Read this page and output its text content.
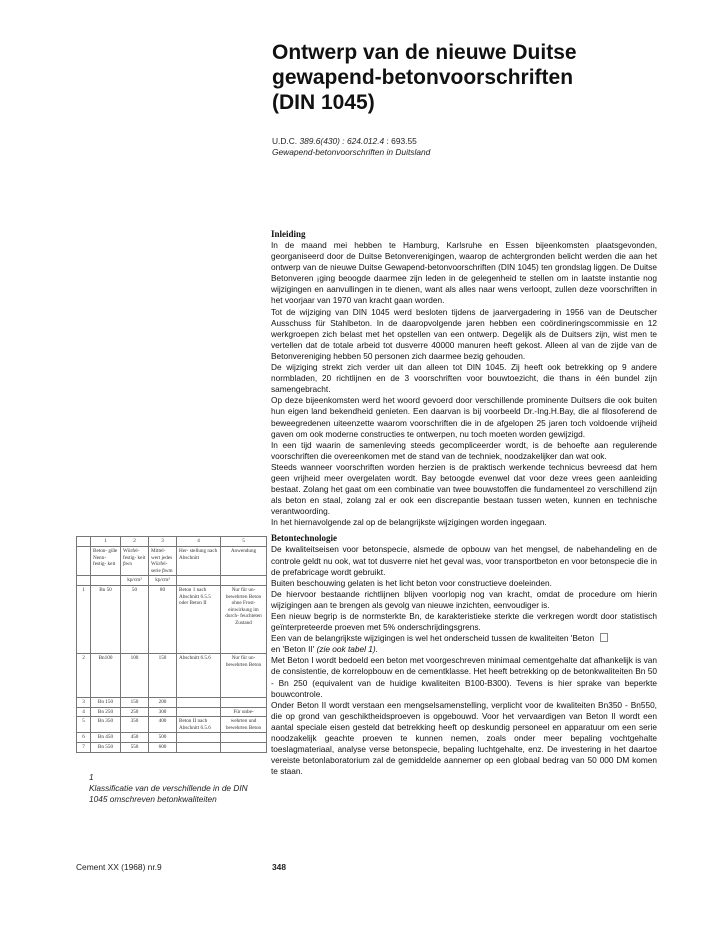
Ontwerp van de nieuwe Duitse
gewapend-betonvoorschriften
(DIN 1045)
U.D.C. 389.6(430) : 624.012.4 : 693.55
Gewapend-betonvoorschriften in Duitsland

Inleiding

In de maand mei hebben te Hamburg, Karlsruhe en Essen bijeenkomsten plaatsgevonden, georganiseerd door de Duitse Betonverenigingen, waarop de achtergronden belicht werden die aan het ontwerp van de nieuwe Duitse Gewapend-betonvoorschriften (DIN 1045) ten grondslag liggen. De Duitse Betonveren ¡ging beoogde daarmee zijn leden in de gelegenheid te stellen om in laatste instantie nog wijzigingen en aanvullingen in te dienen, want als alles naar wens verloopt, zullen deze voorschriften in het voorjaar van 1970 van kracht gaan worden.

Tot de wijziging van DIN 1045 werd besloten tijdens de jaarvergadering in 1956 van de Deutscher Ausschuss für Stahlbeton. In de daaropvolgende jaren hebben een coördineringscommissie en 12 werkgroepen zich belast met het opstellen van een ontwerp. Degelijk als de Duitsers zijn, wist men te vertellen dat de totale arbeid tot dusverre 40000 manuren heeft gekost. Alleen al van de zijde van de Betonvereniging hebben 50 personen zich daarmee bezig gehouden.

De wijziging strekt zich verder uit dan alleen tot DIN 1045. Zij heeft ook betrekking op 9 andere normbladen, 20 richtlijnen en de 3 voorschriften voor bouwtoezicht, die thans in één bundel zijn samengebracht.

Op deze bijeenkomsten werd het woord gevoerd door verschillende prominente Duitsers die ook buiten hun eigen land bekendheid genieten. Een daarvan is bij voorbeeld Dr.-Ing.H.Bay, die al filosoferend de beweegredenen uiteenzette waarom voorschriften die in de afgelopen 25 jaren toch voldoende vrijheid gaven om ook moderne constructies te ontwerpen, nu toch moeten worden gewijzigd.

In een tijd waarin de samenleving steeds gecompliceerder wordt, is de behoefte aan regulerende voorschriften die overeenkomen met de stand van de techniek, noodzakelijker dan wat ook.

Steeds wanneer voorschriften worden herzien is de praktisch werkende technicus bevreesd dat hem geen vrijheid meer overgelaten wordt. Bay betoogde evenwel dat voor deze vrees geen aanleiding bestaat. Zolang het gaat om een combinatie van twee bouwstoffen die fundamenteel zo verschillend zijn als beton en staal, zolang zal er ook een discrepantie bestaan tussen weten, kunnen en technische verantwoording.

In het hiernavolgende zal op de belangrijkste wijzigingen worden ingegaan.

Betontechnologie

De kwaliteitseisen voor betonspecie, alsmede de opbouw van het mengsel, de nabehandeling en de controle geldt nu ook, wat tot dusverre niet het geval was, voor transportbeton en voor betonspecie die in de prefabricage wordt gebruikt.

Buiten beschouwing gelaten is het licht beton voor constructieve doeleinden.

De hiervoor bestaande richtlijnen blijven voorlopig nog van kracht, omdat de procedure om hierin wijzigingen aan te brengen als gevolg van nieuwe inzichten, eenvoudiger is.

Een nieuw begrip is de normsterkte Bn, de karakteristieke sterkte die verkregen wordt door statistisch geïnterpreteerde proeven met 5% onderschrijdingsgrens.

Een van de belangrijkste wijzigingen is wel het onderscheid tussen de kwaliteiten 'Beton

en 'Beton II' (zie ook tabel 1).

Met Beton I wordt bedoeld een beton met voorgeschreven minimaal cementgehalte dat afhankelijk is van de consistentie, de korrelopbouw en de cementklasse. Het heeft betrekking op de betonkwaliteiten Bn 50 - Bn 250 (equivalent van de huidige kwaliteiten B100-B300). Tevens is hier sprake van beperkte bouwcontrole.

Onder Beton II wordt verstaan een mengselsamenstelling, verplicht voor de kwaliteiten Bn350 - Bn550, die op grond van geschiktheidsproeven is opgebouwd. Voor het vervaardigen van Beton II wordt een aantal speciale eisen gesteld dat betrekking heeft op deskundig personeel en apparatuur om een serie noodzakelijk geachte proeven te kunnen nemen, zoals onder meer bepaling vochtgehalte toeslagmateriaal, analyse verse betonspecie, bepaling luchtgehalte, enz. De investering in het daartoe vereiste betonlaboratorium zal de gemiddelde aannemer op een globaal bedrag van 50 000 DM komen te staan.

	1	2	3	4	5
	Beton- gü̈te Nenn- festig- keit	Würfel- festig- keit βwn	Mittel- wert jedes Würfel- serie βwm	Her- stellung nach Abschnitt	Anwendung
		kp/cm²	kp/cm²		
1	Bn 50	50	80	Beton 1 nach Abschnitt 6.5.5 oder Beton II	Nur für un- bewehrten Beton ohne Frost- einwirkung im durch- feuchteten Zustand
2	Bn100	100	150	Abschnitt 6.5.6	Nur für un- bewehrten Beton
3	Bn 150	150	200		
4	Bn 250	250	300		Für unbe-
5	Bn 350	350	400	Beton II nach Abschnitt 6.5.6	wehrten und bewehrten Beton
6	Bn 450	450	500		
7	Bn 550	550	600		
1
Klassificatie van de verschillende in de DIN 1045 omschreven betonkwaliteiten
Cement XX (1968) nr.9	348
